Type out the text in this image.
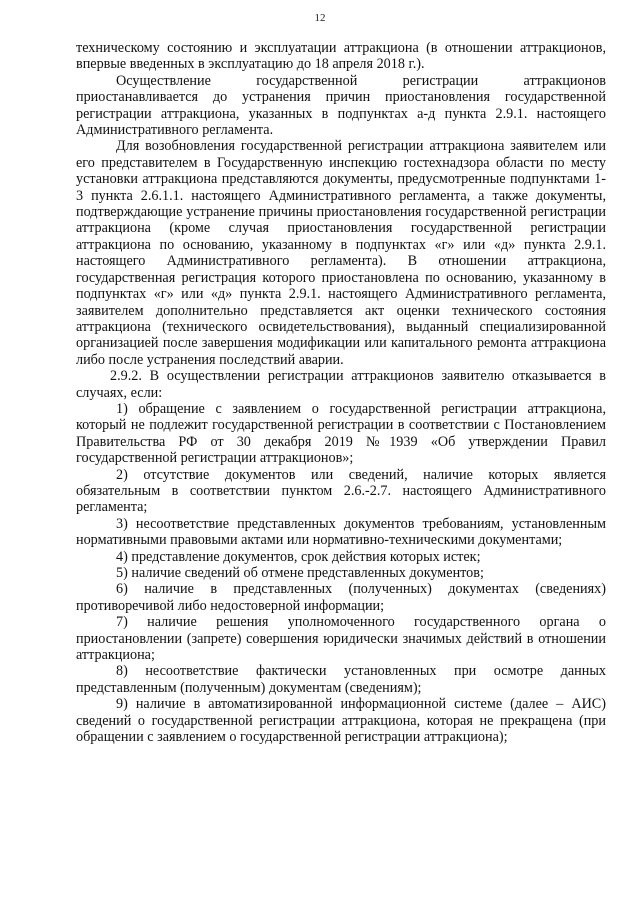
12

техническому состоянию и эксплуатации аттракциона (в отношении аттракционов, впервые введенных в эксплуатацию до 18 апреля 2018 г.).

Осуществление государственной регистрации аттракционов приостанавливается до устранения причин приостановления государственной регистрации аттракциона, указанных в подпунктах а-д пункта 2.9.1. настоящего Административного регламента.

Для возобновления государственной регистрации аттракциона заявителем или его представителем в Государственную инспекцию гостехнадзора области по месту установки аттракциона представляются документы, предусмотренные подпунктами 1-3 пункта 2.6.1.1. настоящего Административного регламента, а также документы, подтверждающие устранение причины приостановления государственной регистрации аттракциона (кроме случая приостановления государственной регистрации аттракциона по основанию, указанному в подпунктах «г» или «д» пункта 2.9.1. настоящего Административного регламента). В отношении аттракциона, государственная регистрация которого приостановлена по основанию, указанному в подпунктах «г» или «д» пункта 2.9.1. настоящего Административного регламента, заявителем дополнительно представляется акт оценки технического состояния аттракциона (технического освидетельствования), выданный специализированной организацией после завершения модификации или капитального ремонта аттракциона либо после устранения последствий аварии.

2.9.2. В осуществлении регистрации аттракционов заявителю отказывается в случаях, если:

1) обращение с заявлением о государственной регистрации аттракциона, который не подлежит государственной регистрации в соответствии с Постановлением Правительства РФ от 30 декабря 2019 №1939 «Об утверждении Правил государственной регистрации аттракционов»;

2) отсутствие документов или сведений, наличие которых является обязательным в соответствии пунктом 2.6.-2.7. настоящего Административного регламента;

3) несоответствие представленных документов требованиям, установленным нормативными правовыми актами или нормативно-техническими документами;

4) представление документов, срок действия которых истек;

5) наличие сведений об отмене представленных документов;

6) наличие в представленных (полученных) документах (сведениях) противоречивой либо недостоверной информации;

7) наличие решения уполномоченного государственного органа о приостановлении (запрете) совершения юридически значимых действий в отношении аттракциона;

8) несоответствие фактически установленных при осмотре данных представленным (полученным) документам (сведениям);

9) наличие в автоматизированной информационной системе (далее – АИС) сведений о государственной регистрации аттракциона, которая не прекращена (при обращении с заявлением о государственной регистрации аттракциона);
